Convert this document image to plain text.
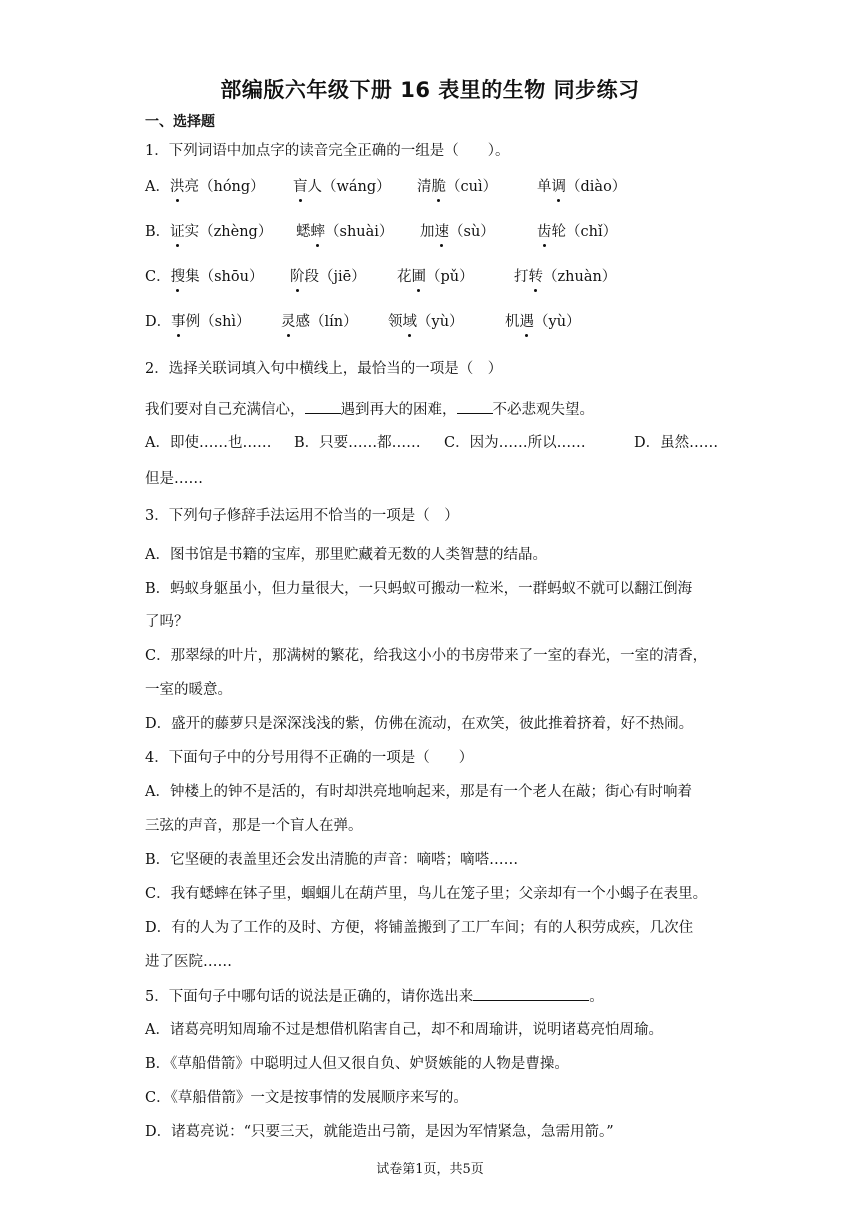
部编版六年级下册 16 表里的生物 同步练习
一、选择题
1．下列词语中加点字的读音完全正确的一组是（　　）。
A．洪亮（hóng） 盲人（wáng） 清脆（cuì）	单调（diào）
B．证实（zhèng） 蟋蟀（shuài） 加速（sù）	齿轮（chǐ）
C．搜集（shōu） 阶段（jiē） 花圃（pǔ）	打转（zhuàn）
D．事例（shì） 灵感（lín） 领域（yù）	机遇（yù）
2．选择关联词填入句中横线上，最恰当的一项是（　）
我们要对自己充满信心， 遇到再大的困难， 不必悲观失望。
A．即使……也…… B．只要……都…… C．因为……所以……	D．虽然……
但是……
3．下列句子修辞手法运用不恰当的一项是（　）
A．图书馆是书籍的宝库，那里贮藏着无数的人类智慧的结晶。
B．蚂蚁身躯虽小，但力量很大，一只蚂蚁可搬动一粒米，一群蚂蚁不就可以翻江倒海
了吗？
C．那翠绿的叶片，那满树的繁花，给我这小小的书房带来了一室的春光，一室的清香，
一室的暖意。
D．盛开的藤萝只是深深浅浅的紫，仿佛在流动，在欢笑，彼此推着挤着，好不热闹。
4．下面句子中的分号用得不正确的一项是（　　）
A．钟楼上的钟不是活的，有时却洪亮地响起来，那是有一个老人在敲；街心有时响着
三弦的声音，那是一个盲人在弹。
B．它坚硬的表盖里还会发出清脆的声音：嘀嗒；嘀嗒……
C．我有蟋蟀在钵子里，蝈蝈儿在葫芦里，鸟儿在笼子里；父亲却有一个小蝎子在表里。
D．有的人为了工作的及时、方便，将铺盖搬到了工厂车间；有的人积劳成疾，几次住
进了医院……
5．下面句子中哪句话的说法是正确的，请你选出来	。
A．诸葛亮明知周瑜不过是想借机陷害自己，却不和周瑜讲，说明诸葛亮怕周瑜。
B．《草船借箭》中聪明过人但又很自负、妒贤嫉能的人物是曹操。
C．《草船借箭》一文是按事情的发展顺序来写的。
D．诸葛亮说：“只要三天，就能造出弓箭，是因为军情紧急，急需用箭。”
试卷第1页，共5页
